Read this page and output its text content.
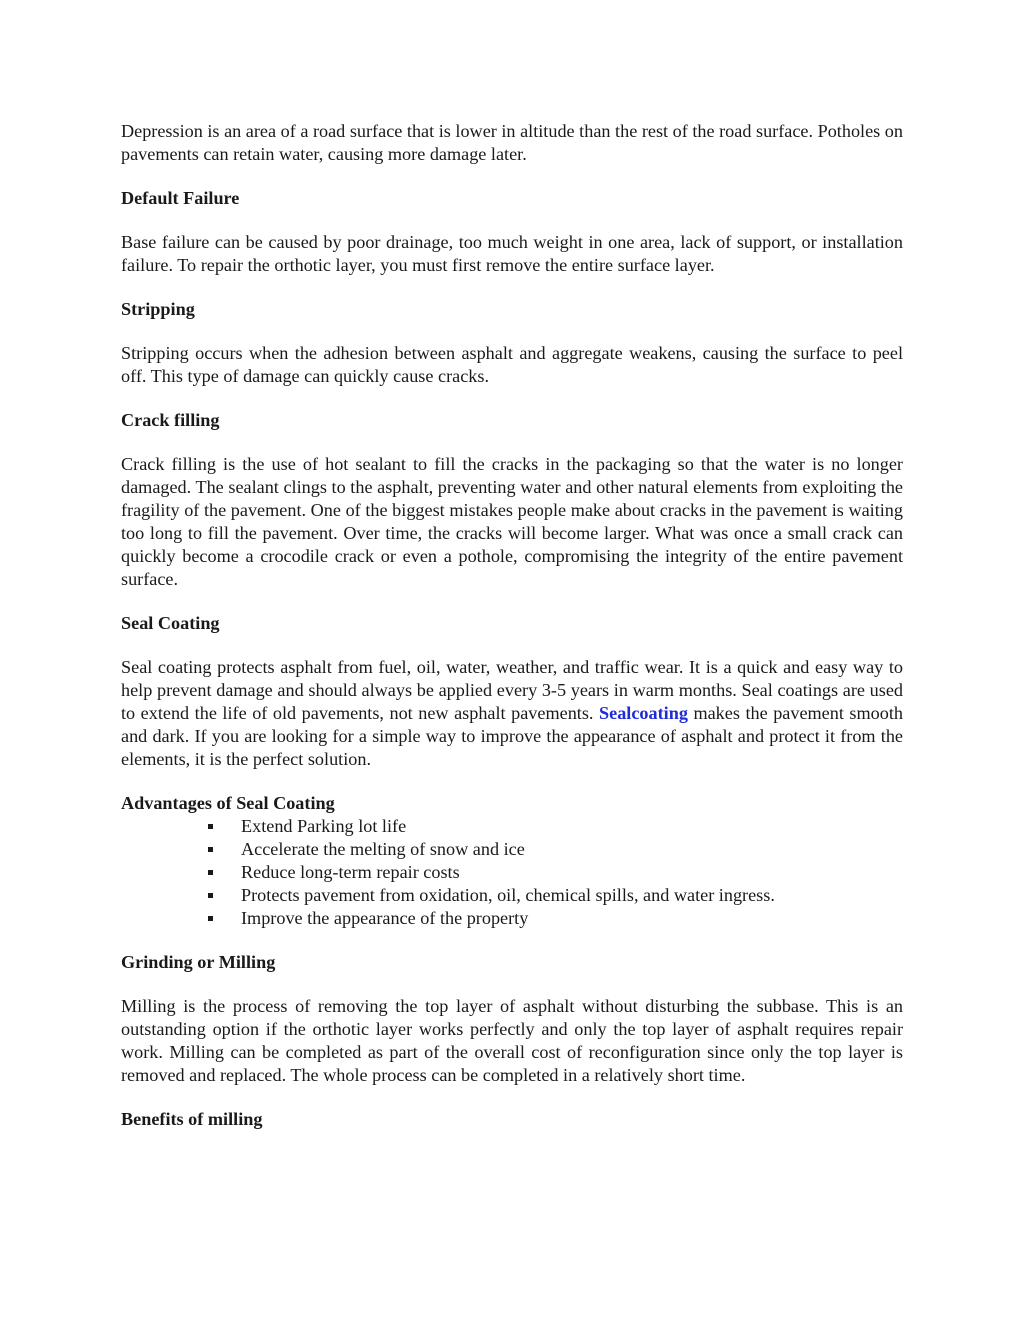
Depression is an area of a road surface that is lower in altitude than the rest of the road surface. Potholes on pavements can retain water, causing more damage later.

Default Failure

Base failure can be caused by poor drainage, too much weight in one area, lack of support, or installation failure. To repair the orthotic layer, you must first remove the entire surface layer.

Stripping

Stripping occurs when the adhesion between asphalt and aggregate weakens, causing the surface to peel off. This type of damage can quickly cause cracks.

Crack filling

Crack filling is the use of hot sealant to fill the cracks in the packaging so that the water is no longer damaged. The sealant clings to the asphalt, preventing water and other natural elements from exploiting the fragility of the pavement. One of the biggest mistakes people make about cracks in the pavement is waiting too long to fill the pavement. Over time, the cracks will become larger. What was once a small crack can quickly become a crocodile crack or even a pothole, compromising the integrity of the entire pavement surface.

Seal Coating

Seal coating protects asphalt from fuel, oil, water, weather, and traffic wear. It is a quick and easy way to help prevent damage and should always be applied every 3-5 years in warm months. Seal coatings are used to extend the life of old pavements, not new asphalt pavements. Sealcoating makes the pavement smooth and dark. If you are looking for a simple way to improve the appearance of asphalt and protect it from the elements, it is the perfect solution.

Advantages of Seal Coating
Extend Parking lot life
Accelerate the melting of snow and ice
Reduce long-term repair costs
Protects pavement from oxidation, oil, chemical spills, and water ingress.
Improve the appearance of the property
Grinding or Milling

Milling is the process of removing the top layer of asphalt without disturbing the subbase. This is an outstanding option if the orthotic layer works perfectly and only the top layer of asphalt requires repair work. Milling can be completed as part of the overall cost of reconfiguration since only the top layer is removed and replaced. The whole process can be completed in a relatively short time.

Benefits of milling
